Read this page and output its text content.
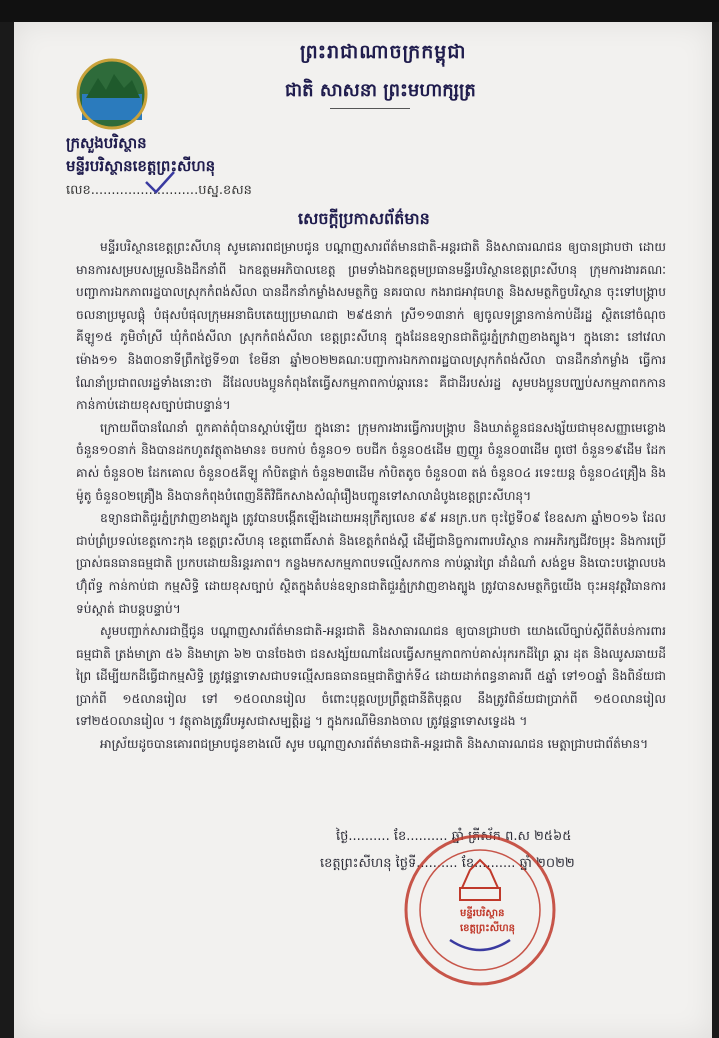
ព្រះរាជាណាចក្រកម្ពុជា
ជាតិ សាសនា ព្រះមហាក្សត្រ
ក្រសួងបរិស្ថាន
មន្ទីរបរិស្ថានខេត្តព្រះសីហនុ
លេខ..........................បស្ន.ខសន
សេចក្ដីប្រកាសព័ត៌មាន

មន្ទីរបរិស្ថានខេត្តព្រះសីហនុ សូមគោរពជម្រាបជូន បណ្ដាញសារព័ត៌មានជាតិ-អន្តរជាតិ និងសាធារណជន ឲ្យបានជ្រាបថា ដោយមានការសម្របសម្រួលនិងដឹកនាំពី ឯកឧត្ដមអភិបាលខេត្ត ព្រមទាំងឯកឧត្ដមប្រធានមន្ទីរបរិស្ថានខេត្តព្រះសីហនុ ក្រុមការងារគណៈបញ្ជាការឯកភាពរដ្ឋបាលស្រុកកំពង់សីលា បានដឹកនាំកម្លាំងសមត្ថកិច្ច នគរបាល កងរាជអាវុធហត្ថ និងសមត្ថកិច្ចបរិស្ថាន ចុះទៅបង្ក្រាបចលនាប្រមូលផ្ដុំ បំផុសបំផុលក្រុមអនាធិបតេយ្យប្រមាណជា ២៩៥នាក់ ស្រី១១៣នាក់ ឲ្យចូលទន្ទ្រានកាន់កាប់ដីរដ្ឋ ស្ថិតនៅចំណុចគីឡូ១៥ ភូមិចាំស្រី ឃុំកំពង់សីលា ស្រុកកំពង់សីលា ខេត្តព្រះសីហនុ ក្នុងដែនឧទ្យានជាតិជួរភ្នំក្រវាញខាងត្បូង។ ក្នុងនោះ នៅវេលាម៉ោង១១ និង៣០នាទីព្រឹកថ្ងៃទី១៣ ខែមីនា ឆ្នាំ២០២២គណៈបញ្ជាការឯកភាពរដ្ឋបាលស្រុកកំពង់សីលា បានដឹកនាំកម្លាំង ធ្វើការណែនាំប្រជាពលរដ្ឋទាំងនោះថា ដីដែលបងប្អូនកំពុងតែធ្វើសកម្មភាពកាប់ឆ្ការនេះ គឺជាដីរបស់រដ្ឋ សូមបងប្អូនបញ្ឈប់សកម្មភាពកកាន កាន់កាប់ដោយខុសច្បាប់ជាបន្ទាន់។

ក្រោយពីបានណែនាំ ពួកគាត់ពុំបានស្ដាប់ឡើយ ក្នុងនោះ ក្រុមការងារធ្វើការបង្ក្រាប និងឃាត់ខ្លួនជនសង្ស័យជាមុខសញ្ញាមេខ្លោងចំនួន១០នាក់ និងបានដកហូតវត្ថុតាងមាន៖ ចបកាប់ ចំនួន០១ ចបជីក ចំនួន០៥ដើម ញញួរ ចំនួន០៣ដើម ពូថៅ ចំនួន១៩ដើម ដែកគាស់ ចំនួន០២ ដែកគោល ចំនួន០៥គីឡូ កាំបិតផ្គាក់ ចំនួន២៣ដើម កាំបិតតូច ចំនួន០៣ តង់ ចំនួន០៤ រទេះយន្ត ចំនួន០៤គ្រឿង និងម៉ូតូ ចំនួន០២គ្រឿង និងបានកំពុងបំពេញនីតិវិធីកសាងសំណុំរឿងបញ្ជូនទៅសាលាដំបូងខេត្តព្រះសីហនុ។

ឧទ្យានជាតិជួរភ្នំក្រវាញខាងត្បូង ត្រូវបានបង្កើតឡើងដោយអនុក្រឹត្យលេខ ៩៩ អនក្រ.បក ចុះថ្ងៃទី០៩ ខែឧសភា ឆ្នាំ២០១៦ ដែលជាប់ព្រំប្រទល់ខេត្តកោះកុង ខេត្តព្រះសីហនុ ខេត្តពោធិ៍សាត់ និងខេត្តកំពង់ស្ពឺ ដើម្បីជានិច្ចការពារបរិស្ថាន ការអភិរក្សជីវចម្រុះ និងការប្រើប្រាស់ធនធានធម្មជាតិ ប្រកបដោយនិរន្តរភាព។ កន្លងមកសកម្មភាពបទល្មើសកកាន កាប់ឆ្ការព្រៃ ដាំដំណាំ សង់ខ្ទម និងបោះបង្គោលបងហ៊ុំព័ទ្ធ កាន់កាប់ជា កម្មសិទ្ធិ ដោយខុសច្បាប់ ស្ថិតក្នុងតំបន់ឧទ្យានជាតិជួរភ្នំក្រវាញខាងត្បូង ត្រូវបានសមត្ថកិច្ចយើង ចុះអនុវត្តវិធានការ ទប់ស្កាត់ ជាបន្តបន្ទាប់។

សូមបញ្ជាក់សារជាថ្មីជូន បណ្ដាញសារព័ត៌មានជាតិ-អន្តរជាតិ និងសាធារណជន ឲ្យបានជ្រាបថា យោងលើច្បាប់ស្ដីពីតំបន់ការពារធម្មជាតិ ត្រង់មាត្រា ៥៦ និងមាត្រា ៦២ បានចែងថា ជនសង្ស័យណាដែលធ្វើសកម្មភាពកាប់គាស់រុករកដីព្រៃ ឆ្ការ ដុត និងឈូសឆាយដីព្រៃ ដើម្បីយកដីធ្វើជាកម្មសិទ្ធិ ត្រូវផ្ដន្ទាទោសជាបទល្មើសធនធានធម្មជាតិថ្នាក់ទី៤ ដោយដាក់ពន្ធនាគារពី ៥ឆ្នាំ ទៅ១០ឆ្នាំ និងពិន័យជាប្រាក់ពី ១៥លានរៀល ទៅ ១៥០លានរៀល ចំពោះបុគ្គលប្រព្រឹត្តជានីតិបុគ្គល នឹងត្រូវពិន័យជាប្រាក់ពី ១៥០លានរៀល ទៅ២៥០លានរៀល ។ វត្ថុតាងត្រូវរឹបអូសជាសម្បត្តិរដ្ឋ ។ ក្នុងករណីមិនរាងចាល ត្រូវផ្ដន្ទាទោសទ្វេដង ។

អាស្រ័យដូចបានគោរពជម្រាបជូនខាងលើ សូម បណ្ដាញសារព័ត៌មានជាតិ-អន្តរជាតិ និងសាធារណជន មេត្តាជ្រាបជាព័ត៌មាន។

ថ្ងៃ.......... ខែ.......... ឆ្នាំ ត្រីស័ក ព.ស ២៥៦៥
ខេត្តព្រះសីហនុ ថ្ងៃទី.......... ខែ.......... ឆ្នាំ ២០២២
មន្ទីរបរិស្ថាន
ខេត្តព្រះសីហនុ
